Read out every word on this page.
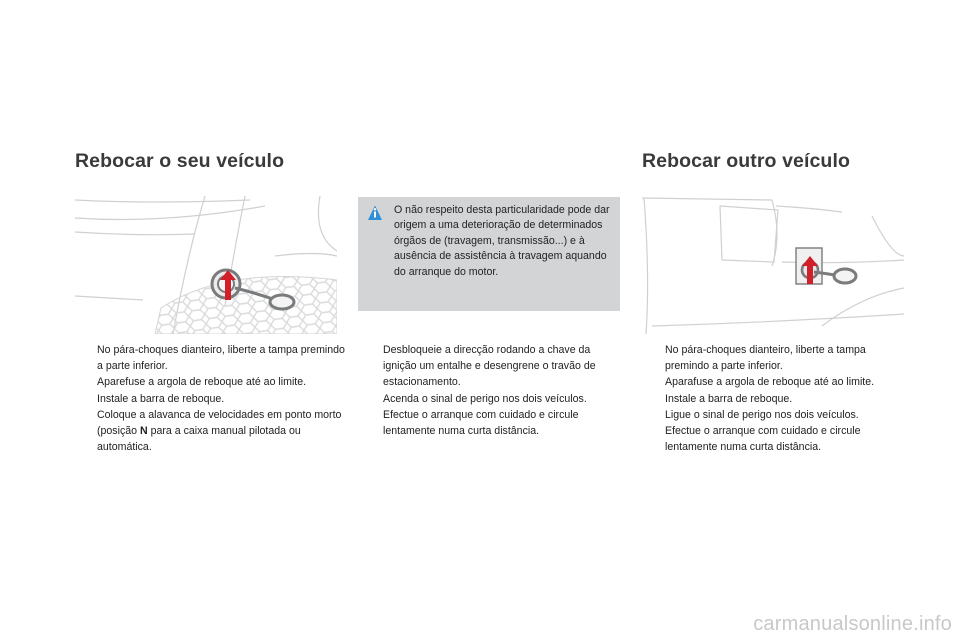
Rebocar o seu veículo	Rebocar outro veículo
O não respeito desta particularidade pode dar origem a uma deterioração de determinados órgãos de (travagem, transmissão...) e à ausência de assistência à travagem aquando do arranque do motor.
No pára-choques dianteiro, liberte a tampa premindo a parte inferior.
Aparefuse a argola de reboque até ao limite.
Instale a barra de reboque.
Coloque a alavanca de velocidades em ponto morto (posição N para a caixa manual pilotada ou automática.
Desbloqueie a direcção rodando a chave da ignição um entalhe e desengrene o travão de estacionamento.
Acenda o sinal de perigo nos dois veículos.
Efectue o arranque com cuidado e circule lentamente numa curta distância.
No pára-choques dianteiro, liberte a tampa premindo a parte inferior.
Aparafuse a argola de reboque até ao limite.
Instale a barra de reboque.
Ligue o sinal de perigo nos dois veículos.
Efectue o arranque com cuidado e circule lentamente numa curta distância.
carmanualsonline.info
